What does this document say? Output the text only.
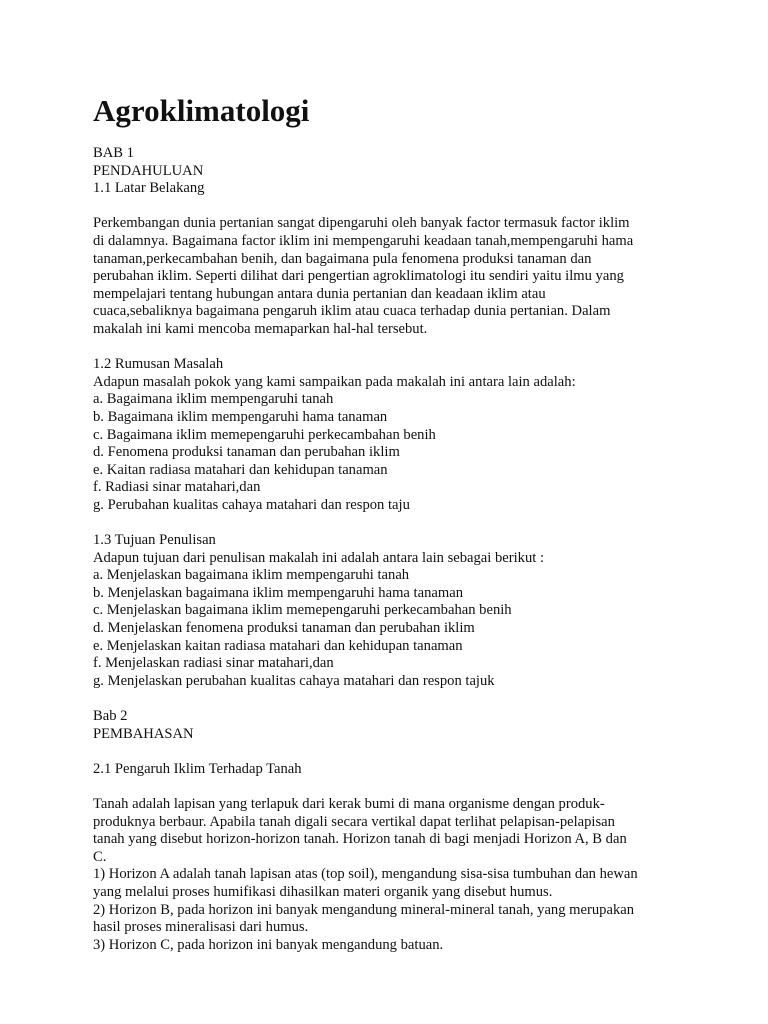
Agroklimatologi
BAB 1
PENDAHULUAN
1.1 Latar Belakang
Perkembangan dunia pertanian sangat dipengaruhi oleh banyak factor termasuk factor iklim
di dalamnya. Bagaimana factor iklim ini mempengaruhi keadaan tanah,mempengaruhi hama
tanaman,perkecambahan benih, dan bagaimana pula fenomena produksi tanaman dan
perubahan iklim. Seperti dilihat dari pengertian agroklimatologi itu sendiri yaitu ilmu yang
mempelajari tentang hubungan antara dunia pertanian dan keadaan iklim atau
cuaca,sebaliknya bagaimana pengaruh iklim atau cuaca terhadap dunia pertanian. Dalam
makalah ini kami mencoba memaparkan hal-hal tersebut.
1.2 Rumusan Masalah
Adapun masalah pokok yang kami sampaikan pada makalah ini antara lain adalah:
a. Bagaimana iklim mempengaruhi tanah
b. Bagaimana iklim mempengaruhi hama tanaman
c. Bagaimana iklim memepengaruhi perkecambahan benih
d. Fenomena produksi tanaman dan perubahan iklim
e. Kaitan radiasa matahari dan kehidupan tanaman
f. Radiasi sinar matahari,dan
g. Perubahan kualitas cahaya matahari dan respon taju
1.3 Tujuan Penulisan
Adapun tujuan dari penulisan makalah ini adalah antara lain sebagai berikut :
a. Menjelaskan bagaimana iklim mempengaruhi tanah
b. Menjelaskan bagaimana iklim mempengaruhi hama tanaman
c. Menjelaskan bagaimana iklim memepengaruhi perkecambahan benih
d. Menjelaskan fenomena produksi tanaman dan perubahan iklim
e. Menjelaskan kaitan radiasa matahari dan kehidupan tanaman
f. Menjelaskan radiasi sinar matahari,dan
g. Menjelaskan perubahan kualitas cahaya matahari dan respon tajuk
Bab 2
PEMBAHASAN
2.1 Pengaruh Iklim Terhadap Tanah
Tanah adalah lapisan yang terlapuk dari kerak bumi di mana organisme dengan produk-
produknya berbaur. Apabila tanah digali secara vertikal dapat terlihat pelapisan-pelapisan
tanah yang disebut horizon-horizon tanah. Horizon tanah di bagi menjadi Horizon A, B dan
C.
1) Horizon A adalah tanah lapisan atas (top soil), mengandung sisa-sisa tumbuhan dan hewan
yang melalui proses humifikasi dihasilkan materi organik yang disebut humus.
2) Horizon B, pada horizon ini banyak mengandung mineral-mineral tanah, yang merupakan
hasil proses mineralisasi dari humus.
3) Horizon C, pada horizon ini banyak mengandung batuan.
